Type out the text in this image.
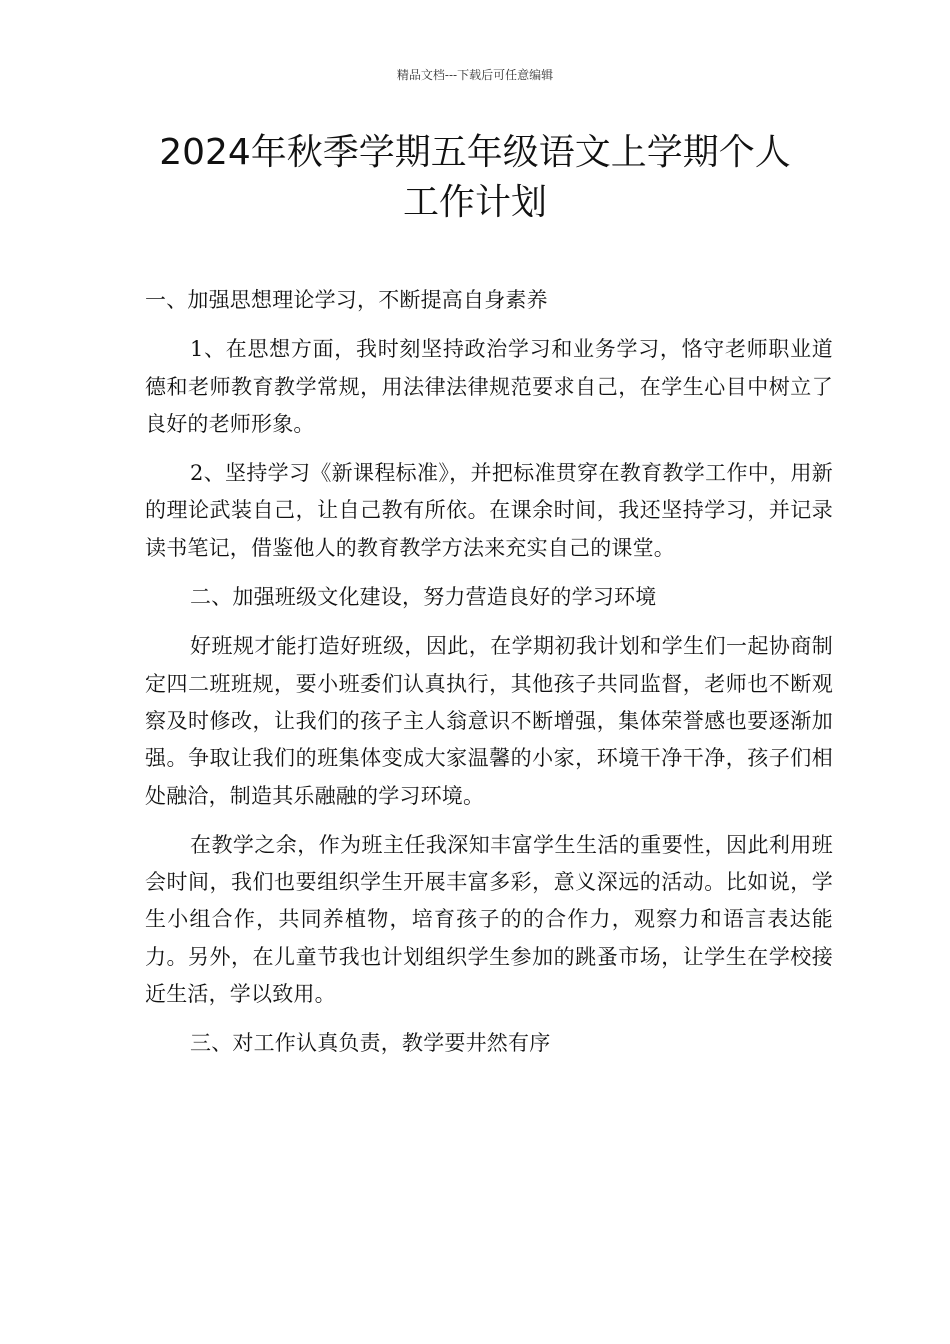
精品文档---下载后可任意编辑
2024年秋季学期五年级语文上学期个人
工作计划

一、加强思想理论学习，不断提高自身素养

1、在思想方面，我时刻坚持政治学习和业务学习，恪守老师职业道德和老师教育教学常规，用法律法律规范要求自己，在学生心目中树立了良好的老师形象。

2、坚持学习《新课程标准》，并把标准贯穿在教育教学工作中，用新的理论武装自己，让自己教有所依。在课余时间，我还坚持学习，并记录读书笔记，借鉴他人的教育教学方法来充实自己的课堂。

二、加强班级文化建设，努力营造良好的学习环境

好班规才能打造好班级，因此，在学期初我计划和学生们一起协商制定四二班班规，要小班委们认真执行，其他孩子共同监督，老师也不断观察及时修改，让我们的孩子主人翁意识不断增强，集体荣誉感也要逐渐加强。争取让我们的班集体变成大家温馨的小家，环境干净干净，孩子们相处融洽，制造其乐融融的学习环境。

在教学之余，作为班主任我深知丰富学生生活的重要性，因此利用班会时间，我们也要组织学生开展丰富多彩，意义深远的活动。比如说，学生小组合作，共同养植物，培育孩子的的合作力，观察力和语言表达能力。另外，在儿童节我也计划组织学生参加的跳蚤市场，让学生在学校接近生活，学以致用。

三、对工作认真负责，教学要井然有序
